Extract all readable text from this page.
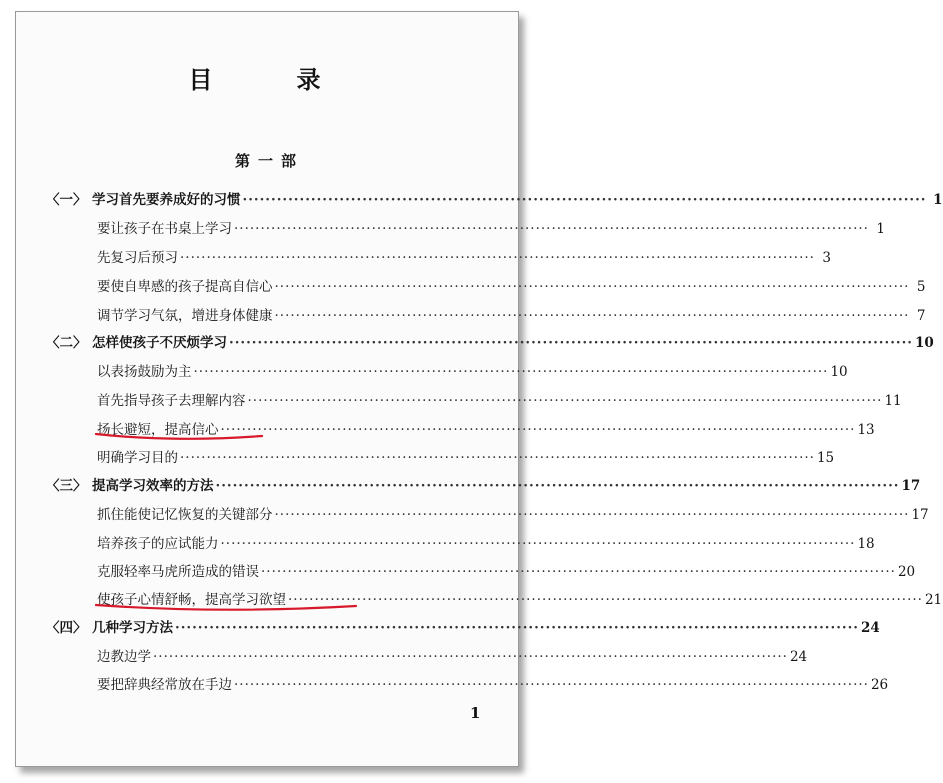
目　录
第一部
〈一〉 学习首先要养成好的习惯 ························································································································ 1
要让孩子在书桌上学习 ························································································································ 1
先复习后预习 ························································································································ 3
要使自卑感的孩子提高自信心 ························································································································ 5
调节学习气氛，增进身体健康 ························································································································ 7
〈二〉 怎样使孩子不厌烦学习 ························································································································ 10
以表扬鼓励为主 ························································································································ 10
首先指导孩子去理解内容 ························································································································ 11
扬长避短，提高信心 ························································································································ 13
明确学习目的 ························································································································ 15
〈三〉 提高学习效率的方法 ························································································································ 17
抓住能使记忆恢复的关键部分 ························································································································ 17
培养孩子的应试能力 ························································································································ 18
克服轻率马虎所造成的错误 ························································································································ 20
使孩子心情舒畅，提高学习欲望 ························································································································ 21
〈四〉 几种学习方法 ························································································································ 24
边教边学 ························································································································ 24
要把辞典经常放在手边 ························································································································ 26
1
